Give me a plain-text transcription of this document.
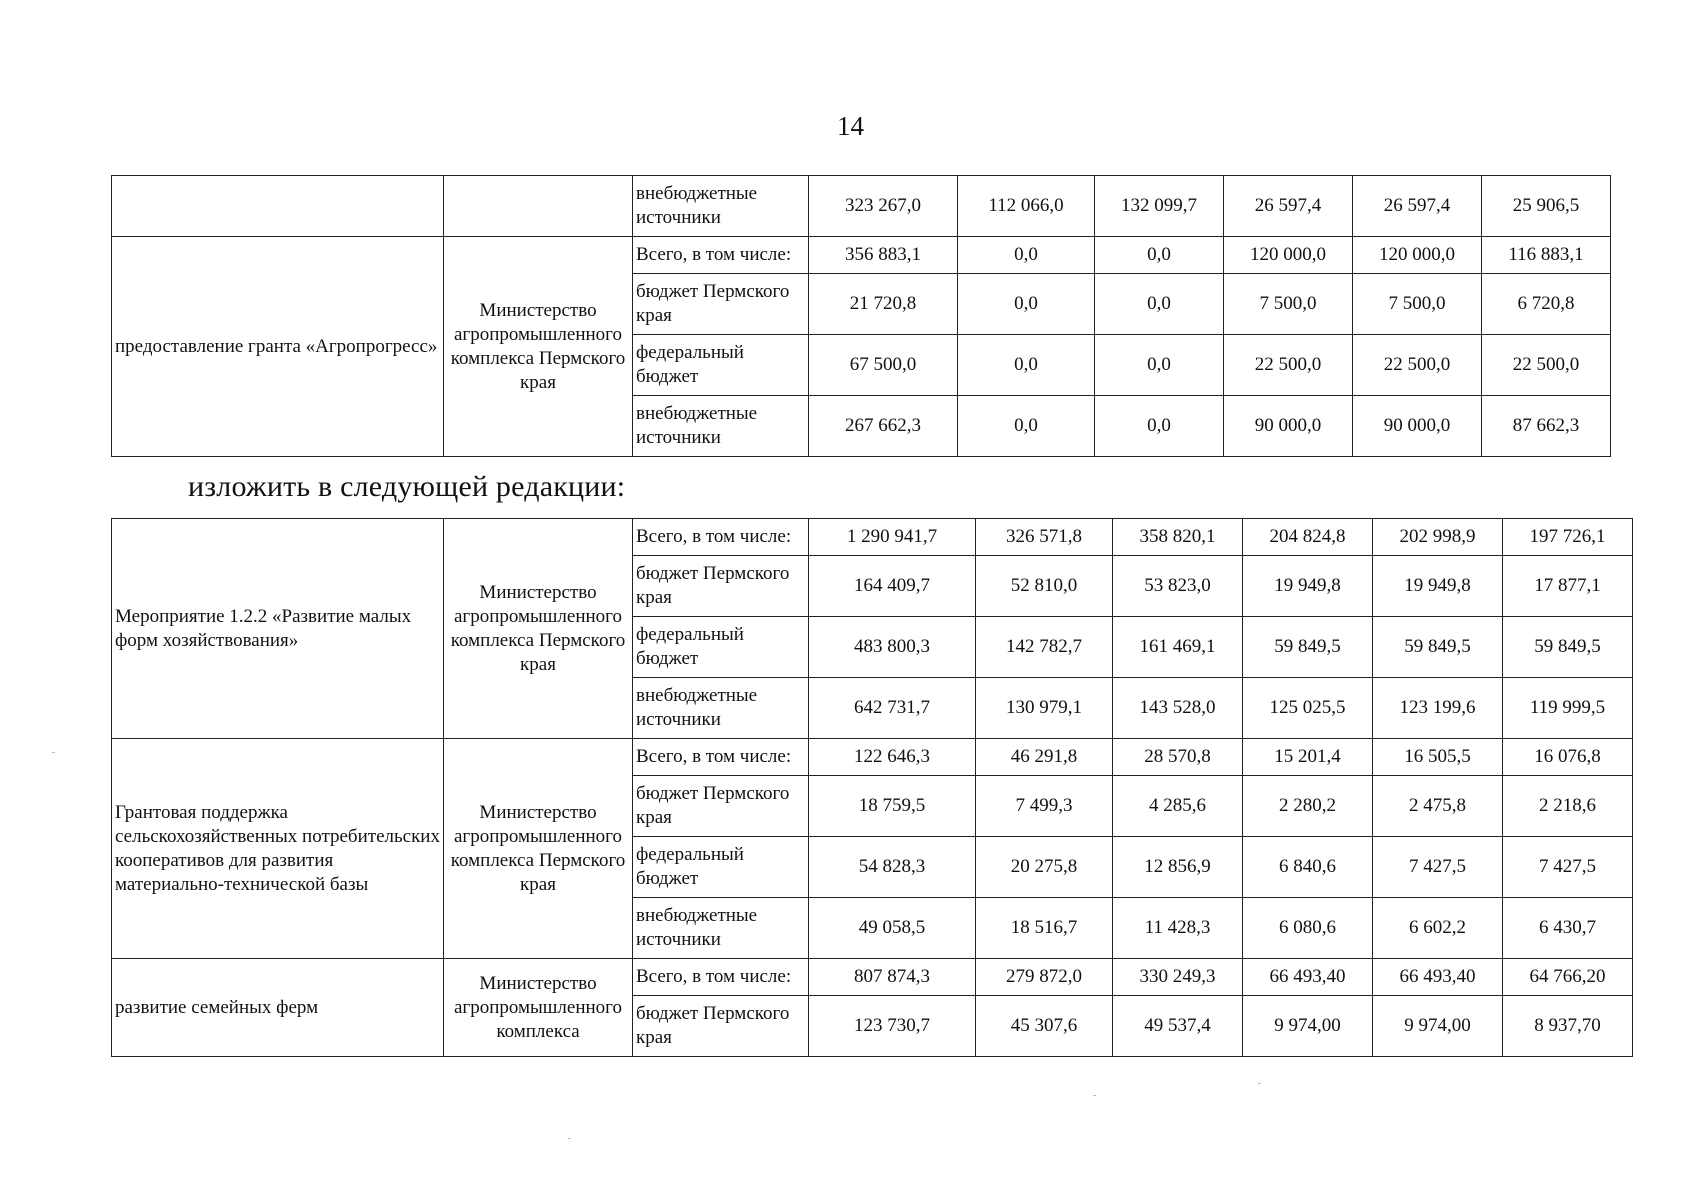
14
		внебюджетные источники	323 267,0	112 066,0	132 099,7	26 597,4	26 597,4	25 906,5
предоставление гранта «Агропрогресс»	Министерство агропромышленного комплекса Пермского края	Всего, в том числе:	356 883,1	0,0	0,0	120 000,0	120 000,0	116 883,1
		бюджет Пермского края	21 720,8	0,0	0,0	7 500,0	7 500,0	6 720,8
		федеральный бюджет	67 500,0	0,0	0,0	22 500,0	22 500,0	22 500,0
		внебюджетные источники	267 662,3	0,0	0,0	90 000,0	90 000,0	87 662,3
изложить в следующей редакции:
Мероприятие 1.2.2 «Развитие малых форм хозяйствования»	Министерство агропромышленного комплекса Пермского края	Всего, в том числе:	1 290 941,7	326 571,8	358 820,1	204 824,8	202 998,9	197 726,1
		бюджет Пермского края	164 409,7	52 810,0	53 823,0	19 949,8	19 949,8	17 877,1
		федеральный бюджет	483 800,3	142 782,7	161 469,1	59 849,5	59 849,5	59 849,5
		внебюджетные источники	642 731,7	130 979,1	143 528,0	125 025,5	123 199,6	119 999,5
Грантовая поддержка сельскохозяйственных потребительских кооперативов для развития материально-технической базы	Министерство агропромышленного комплекса Пермского края	Всего, в том числе:	122 646,3	46 291,8	28 570,8	15 201,4	16 505,5	16 076,8
		бюджет Пермского края	18 759,5	7 499,3	4 285,6	2 280,2	2 475,8	2 218,6
		федеральный бюджет	54 828,3	20 275,8	12 856,9	6 840,6	7 427,5	7 427,5
		внебюджетные источники	49 058,5	18 516,7	11 428,3	6 080,6	6 602,2	6 430,7
развитие семейных ферм	Министерство агропромышленного комплекса	Всего, в том числе:	807 874,3	279 872,0	330 249,3	66 493,40	66 493,40	64 766,20
		бюджет Пермского края	123 730,7	45 307,6	49 537,4	9 974,00	9 974,00	8 937,70
